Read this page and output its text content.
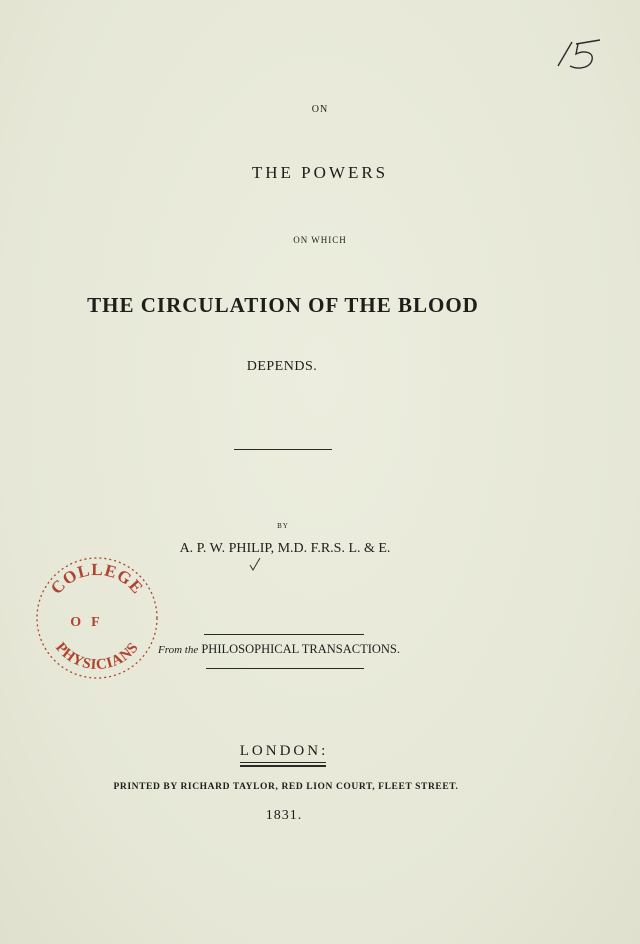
ON
THE POWERS
ON WHICH
THE CIRCULATION OF THE BLOOD
DEPENDS.
BY
A. P. W. PHILIP, M.D. F.R.S. L. & E.
From the PHILOSOPHICAL TRANSACTIONS.
LONDON:
PRINTED BY RICHARD TAYLOR, RED LION COURT, FLEET STREET.
1831.
COLLEGE
OF
PHYSICIANS
